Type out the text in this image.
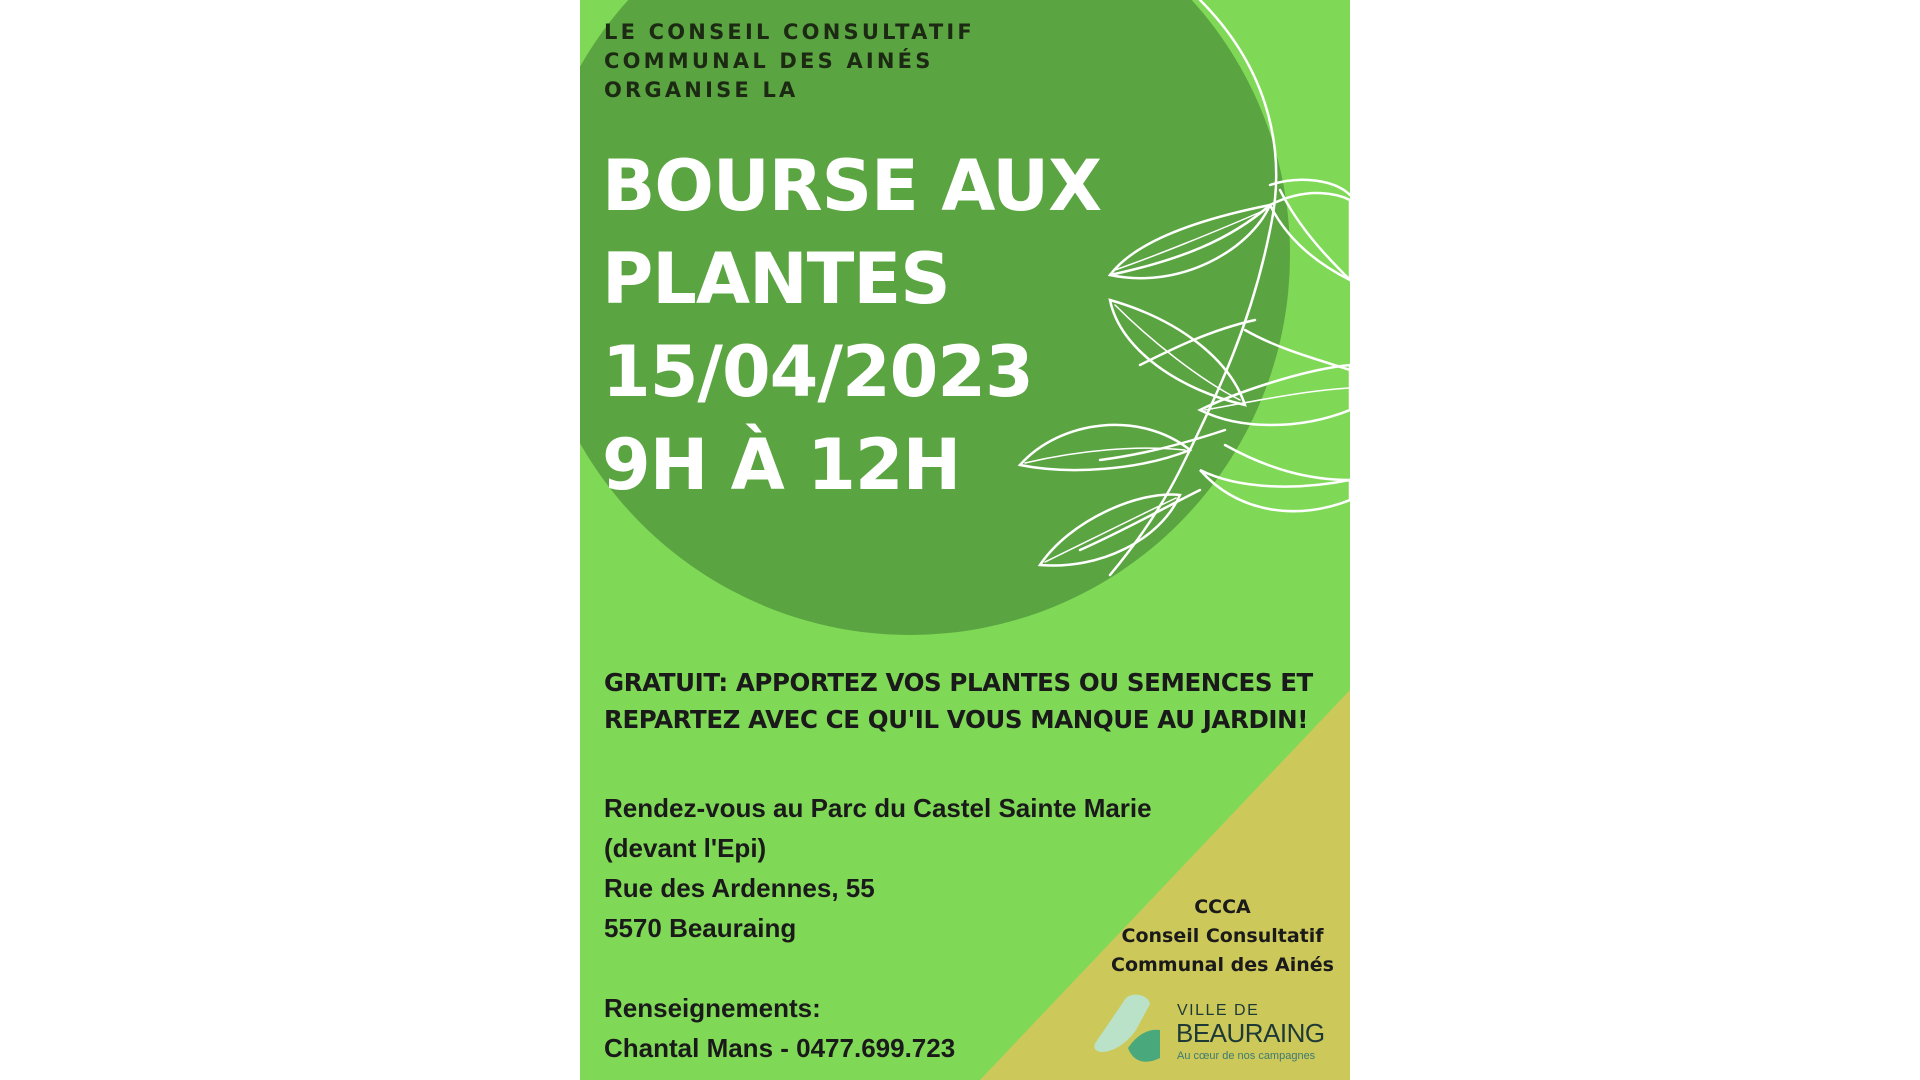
LE CONSEIL CONSULTATIF
COMMUNAL DES AINÉS
ORGANISE LA
BOURSE AUX
PLANTES
15/04/2023
9H À 12H
GRATUIT: APPORTEZ VOS PLANTES OU SEMENCES ET
REPARTEZ AVEC CE QU'IL VOUS MANQUE AU JARDIN!
Rendez-vous au Parc du Castel Sainte Marie
(devant l'Epi)
Rue des Ardennes, 55
5570 Beauraing
Renseignements:
Chantal Mans - 0477.699.723
CCCA
Conseil Consultatif
Communal des Ainés
VILLE DE
BEAURAING
Au cœur de nos campagnes
